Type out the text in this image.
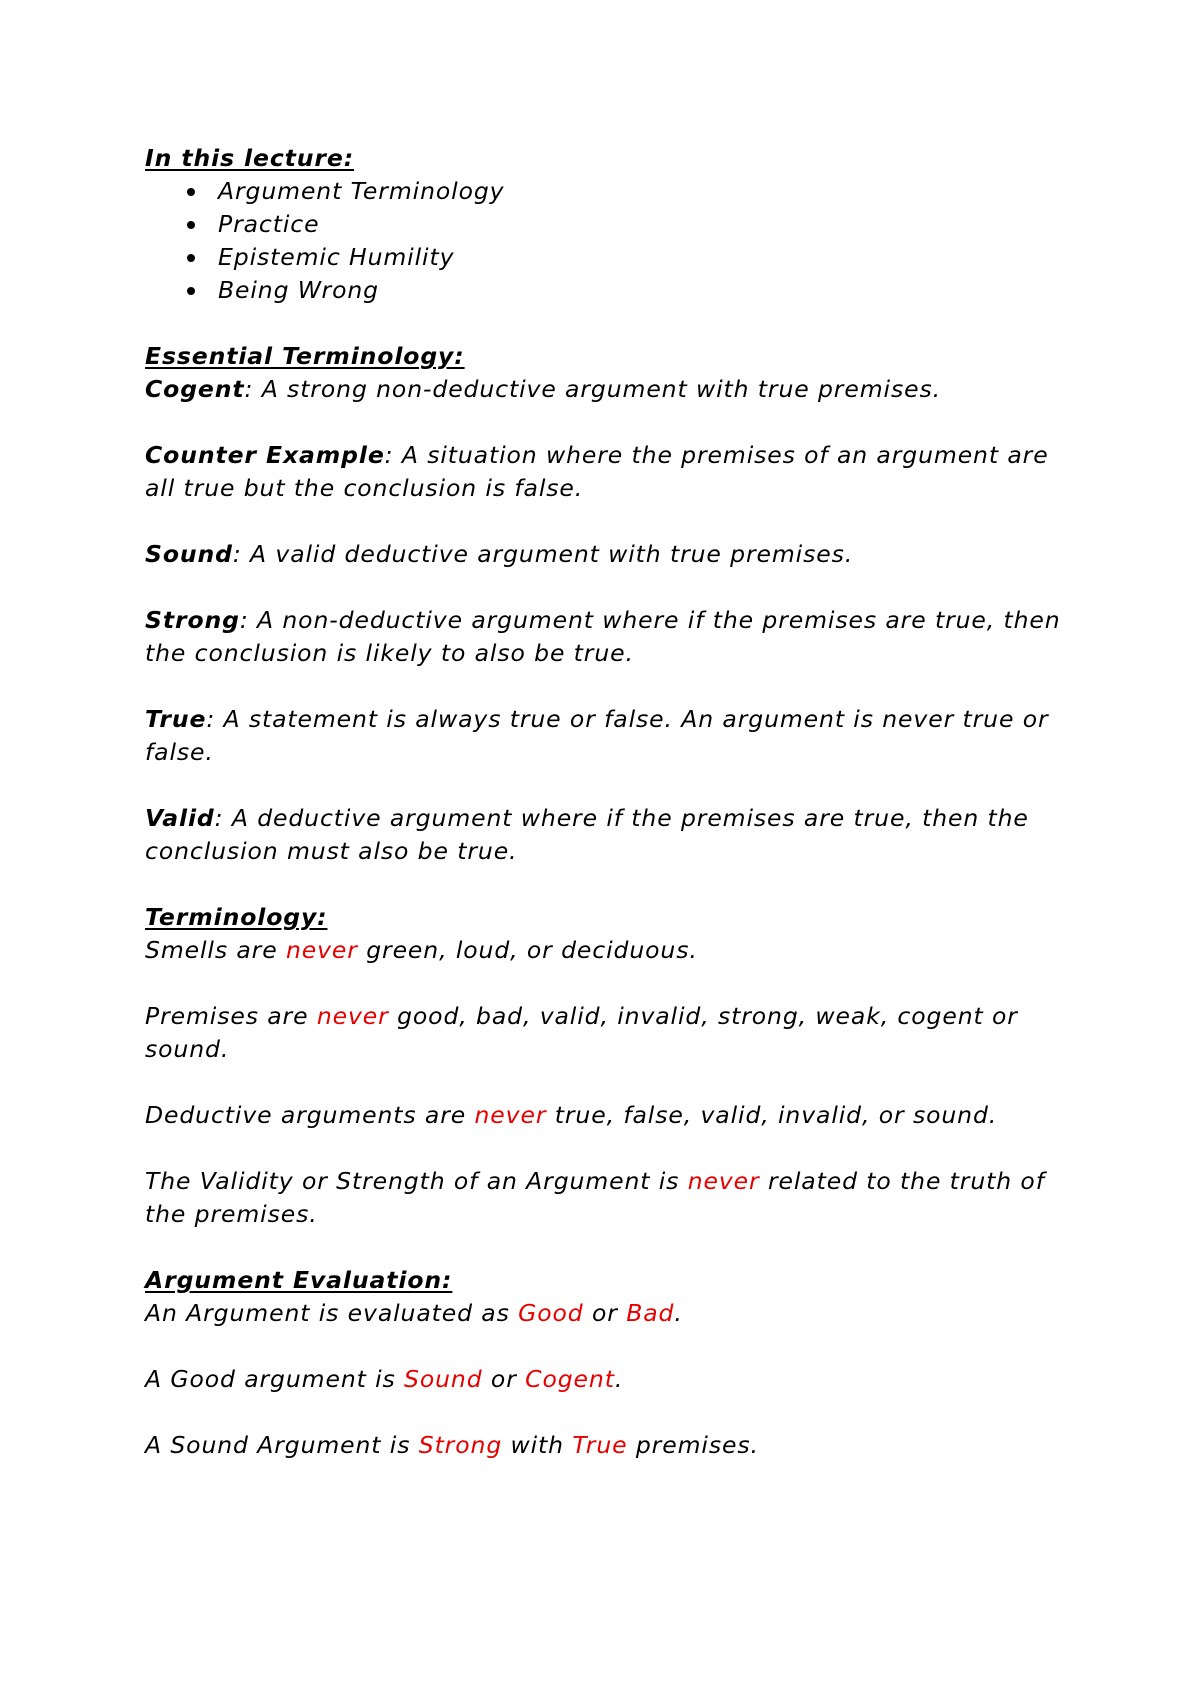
In this lecture:
Argument Terminology
Practice
Epistemic Humility
Being Wrong

Essential Terminology:

Cogent: A strong non-deductive argument with true premises.

Counter Example: A situation where the premises of an argument are all true but the conclusion is false.

Sound: A valid deductive argument with true premises.

Strong: A non-deductive argument where if the premises are true, then the conclusion is likely to also be true.

True: A statement is always true or false. An argument is never true or false.

Valid: A deductive argument where if the premises are true, then the conclusion must also be true.

Terminology:

Smells are never green, loud, or deciduous.

Premises are never good, bad, valid, invalid, strong, weak, cogent or sound.

Deductive arguments are never true, false, valid, invalid, or sound.

The Validity or Strength of an Argument is never related to the truth of the premises.

Argument Evaluation:

An Argument is evaluated as Good or Bad.

A Good argument is Sound or Cogent.

A Sound Argument is Strong with True premises.
